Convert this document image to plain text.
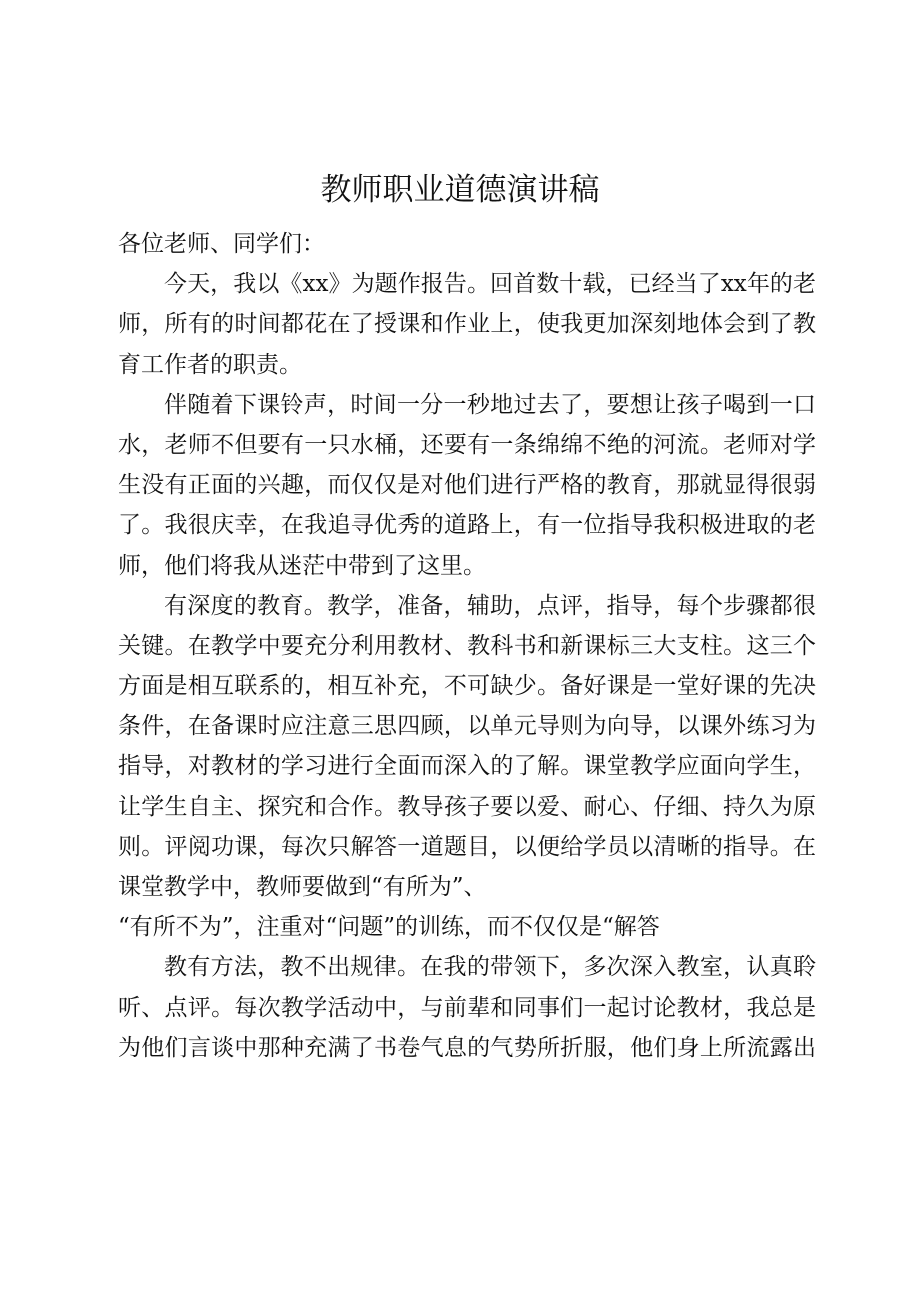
教师职业道德演讲稿
各位老师、同学们：
今天，我以《xx》为题作报告。回首数十载，已经当了xx年的老
师，所有的时间都花在了授课和作业上，使我更加深刻地体会到了教
育工作者的职责。
伴随着下课铃声，时间一分一秒地过去了，要想让孩子喝到一口
水，老师不但要有一只水桶，还要有一条绵绵不绝的河流。老师对学
生没有正面的兴趣，而仅仅是对他们进行严格的教育，那就显得很弱
了。我很庆幸，在我追寻优秀的道路上，有一位指导我积极进取的老
师，他们将我从迷茫中带到了这里。
有深度的教育。教学，准备，辅助，点评，指导，每个步骤都很
关键。在教学中要充分利用教材、教科书和新课标三大支柱。这三个
方面是相互联系的，相互补充，不可缺少。备好课是一堂好课的先决
条件，在备课时应注意三思四顾，以单元导则为向导，以课外练习为
指导，对教材的学习进行全面而深入的了解。课堂教学应面向学生，
让学生自主、探究和合作。教导孩子要以爱、耐心、仔细、持久为原
则。评阅功课，每次只解答一道题目，以便给学员以清晰的指导。在
课堂教学中，教师要做到“有所为”、
“有所不为”，注重对“问题”的训练，而不仅仅是“解答
教有方法，教不出规律。在我的带领下，多次深入教室，认真聆
听、点评。每次教学活动中，与前辈和同事们一起讨论教材，我总是
为他们言谈中那种充满了书卷气息的气势所折服，他们身上所流露出
